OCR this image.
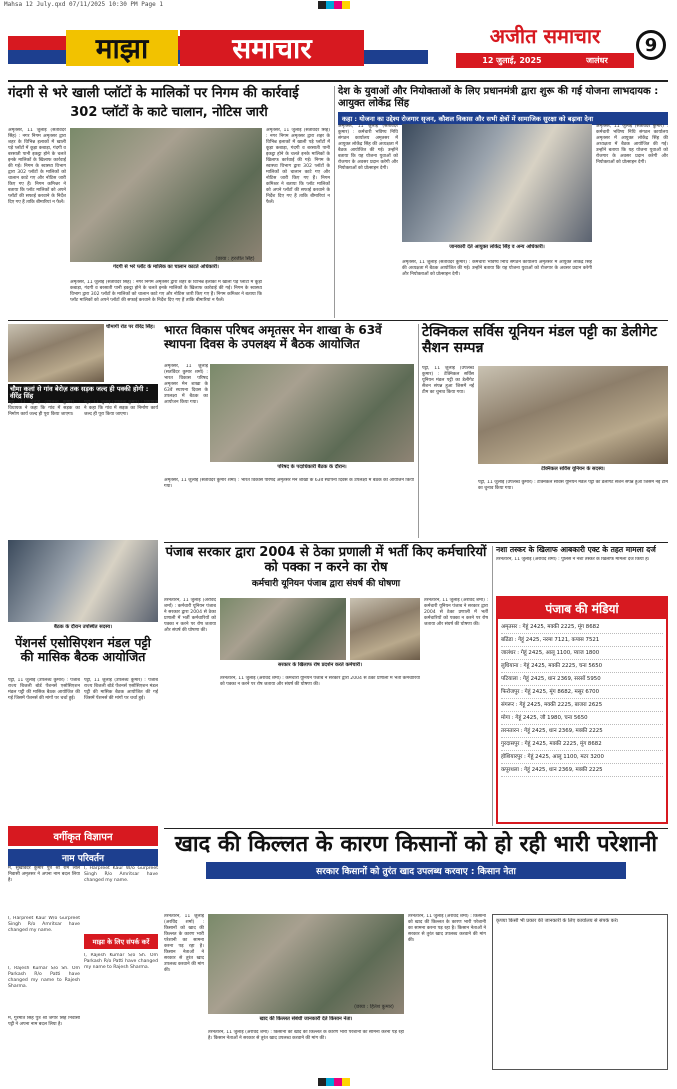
Mahsa 12 July.qxd 07/11/2025 10:30 PM Page 1
माझा	समाचार	अजीत समाचार
12 जुलाई, 2025	जालंधर
9
गंदगी से भरे खाली प्लॉटों के मालिकों पर निगम की कार्रवाई
302 प्लॉटों के काटे चालान, नोटिस जारी
अमृतसर, 11 जुलाई (सतविंदर सिंह) : नगर निगम अमृतसर द्वारा शहर के विभिन्न इलाकों में खाली पड़े प्लॉटों में कूड़ा कबाड़ा, गंदगी व बरसाती पानी इकट्ठा होने के चलते इनके मालिकों के खिलाफ कार्रवाई की गई। निगम के स्वास्थ्य विभाग द्वारा 302 प्लॉटों के मालिकों को चालान काटे गए और नोटिस जारी किए गए हैं। निगम कमिश्नर ने बताया कि प्लॉट मालिकों को अपने प्लॉटों की सफाई करवाने के निर्देश दिए गए हैं ताकि बीमारियां न फैलें।
गंदगी से भरे प्लॉट के मालिक का चालान काटते अधिकारी।
(छाया : हरजीत सिंह)
अमृतसर, 11 जुलाई (सतविंदर सिंह) : नगर निगम अमृतसर द्वारा शहर के विभिन्न इलाकों में खाली पड़े प्लॉटों में कूड़ा कबाड़ा, गंदगी व बरसाती पानी इकट्ठा होने के चलते इनके मालिकों के खिलाफ कार्रवाई की गई। निगम के स्वास्थ्य विभाग द्वारा 302 प्लॉटों के मालिकों को चालान काटे गए और नोटिस जारी किए गए हैं। निगम कमिश्नर ने बताया कि प्लॉट मालिकों को अपने प्लॉटों की सफाई करवाने के निर्देश दिए गए हैं ताकि बीमारियां न फैलें।
अमृतसर, 11 जुलाई (सतविंदर सिंह) : नगर निगम अमृतसर द्वारा शहर के विभिन्न इलाकों में खाली पड़े प्लॉटों में कूड़ा कबाड़ा, गंदगी व बरसाती पानी इकट्ठा होने के चलते इनके मालिकों के खिलाफ कार्रवाई की गई। निगम के स्वास्थ्य विभाग द्वारा 302 प्लॉटों के मालिकों को चालान काटे गए और नोटिस जारी किए गए हैं। निगम कमिश्नर ने बताया कि प्लॉट मालिकों को अपने प्लॉटों की सफाई करवाने के निर्देश दिए गए हैं ताकि बीमारियां न फैलें।
देश के युवाओं और नियोक्ताओं के लिए प्रधानमंत्री द्वारा शुरू की गई योजना लाभदायक : आयुक्त लोकेंद्र सिंह
कहा : योजना का उद्देश्य रोजगार सृजन, कौशल विकास और सभी क्षेत्रों में सामाजिक सुरक्षा को बढ़ावा देना
अमृतसर, 11 जुलाई (सतविंदर कुमार) : कर्मचारी भविष्य निधि संगठन कार्यालय अमृतसर में आयुक्त लोकेंद्र सिंह की अध्यक्षता में बैठक आयोजित की गई। उन्होंने बताया कि यह योजना युवाओं को रोजगार के अवसर प्रदान करेगी और नियोक्ताओं को प्रोत्साहन देगी।
जानकारी देते आयुक्त लोकेंद्र सिंह व अन्य अधिकारी।
अमृतसर, 11 जुलाई (सतविंदर कुमार) : कर्मचारी भविष्य निधि संगठन कार्यालय अमृतसर में आयुक्त लोकेंद्र सिंह की अध्यक्षता में बैठक आयोजित की गई। उन्होंने बताया कि यह योजना युवाओं को रोजगार के अवसर प्रदान करेगी और नियोक्ताओं को प्रोत्साहन देगी।
अमृतसर, 11 जुलाई (सतविंदर कुमार) : कर्मचारी भविष्य निधि संगठन कार्यालय अमृतसर में आयुक्त लोकेंद्र सिंह की अध्यक्षता में बैठक आयोजित की गई। उन्होंने बताया कि यह योजना युवाओं को रोजगार के अवसर प्रदान करेगी और नियोक्ताओं को प्रोत्साहन देगी।
चौमार्गी रोड पर वीरेंद्र सिंह।
चौमा कलां से गांव बेरोज़ तक सड़क जल्द ही पक्की होगी : वीरेंद्र सिंह
पट्टी, 11 जुलाई (उपलब्ध कुमार) : विधायक ने कहा कि गांव में सड़क का निर्माण कार्य जल्द ही पूरा किया जाएगा।
पट्टी, 11 जुलाई (उपलब्ध कुमार) : विधायक ने कहा कि गांव में सड़क का निर्माण कार्य जल्द ही पूरा किया जाएगा।
भारत विकास परिषद अमृतसर मेन शाखा के 63वें स्थापना दिवस के उपलक्ष्य में बैठक आयोजित
अमृतसर, 11 जुलाई (सतविंदर कुमार शर्मा) : भारत विकास परिषद अमृतसर मेन शाखा के 63वें स्थापना दिवस के उपलक्ष्य में बैठक का आयोजन किया गया।
परिषद के पदाधिकारी बैठक के दौरान।
अमृतसर, 11 जुलाई (सतविंदर कुमार शर्मा) : भारत विकास परिषद अमृतसर मेन शाखा के 63वें स्थापना दिवस के उपलक्ष्य में बैठक का आयोजन किया गया।
टेक्निकल सर्विस यूनियन मंडल पट्टी का डेलीगेट सैशन सम्पन्न
पट्टी, 11 जुलाई (उपलब्ध कुमार) : टेक्निकल सर्विस यूनियन मंडल पट्टी का डेलीगेट सैशन संपन्न हुआ जिसमें नई टीम का चुनाव किया गया।
टेक्निकल सर्विस यूनियन के सदस्य।
पट्टी, 11 जुलाई (उपलब्ध कुमार) : टेक्निकल सर्विस यूनियन मंडल पट्टी का डेलीगेट सैशन संपन्न हुआ जिसमें नई टीम का चुनाव किया गया।
बैठक के दौरान उपस्थित सदस्य।
पेंशनर्स एसोसिएशन मंडल पट्टी की मासिक बैठक आयोजित
पट्टी, 11 जुलाई (उपलब्ध कुमार) : पंजाब राज्य बिजली बोर्ड पेंशनर्स एसोसिएशन मंडल पट्टी की मासिक बैठक आयोजित की गई जिसमें पेंशनर्स की मांगों पर चर्चा हुई।
पट्टी, 11 जुलाई (उपलब्ध कुमार) : पंजाब राज्य बिजली बोर्ड पेंशनर्स एसोसिएशन मंडल पट्टी की मासिक बैठक आयोजित की गई जिसमें पेंशनर्स की मांगों पर चर्चा हुई।
पंजाब सरकार द्वारा 2004 से ठेका प्रणाली में भर्ती किए कर्मचारियों को पक्का न करने का रोष
कर्मचारी यूनियन पंजाब द्वारा संघर्ष की घोषणा
तरनतारन, 11 जुलाई (अरविंद शर्मा) : कर्मचारी यूनियन पंजाब ने सरकार द्वारा 2004 से ठेका प्रणाली में भर्ती कर्मचारियों को पक्का न करने पर रोष जताया और संघर्ष की घोषणा की।
सरकार के खिलाफ रोष प्रदर्शन करते कर्मचारी।
तरनतारन, 11 जुलाई (अरविंद शर्मा) : कर्मचारी यूनियन पंजाब ने सरकार द्वारा 2004 से ठेका प्रणाली में भर्ती कर्मचारियों को पक्का न करने पर रोष जताया और संघर्ष की घोषणा की।
तरनतारन, 11 जुलाई (अरविंद शर्मा) : कर्मचारी यूनियन पंजाब ने सरकार द्वारा 2004 से ठेका प्रणाली में भर्ती कर्मचारियों को पक्का न करने पर रोष जताया और संघर्ष की घोषणा की।
नशा तस्कर के खिलाफ आबकारी एक्ट के तहत मामला दर्ज
तरनतारन, 11 जुलाई (अरविंद शर्मा) : पुलिस ने नशा तस्कर के खिलाफ मामला दर्ज किया है।
पंजाब की मंडियां
अमृतसर : गेहूं 2425, मक्की 2225, मूंग 8682
बठिंडा : गेहूं 2425, नरमा 7121, कपास 7521
जालंधर : गेहूं 2425, आलू 1100, प्याज 1800
लुधियाना : गेहूं 2425, मक्की 2225, चना 5650
पटियाला : गेहूं 2425, धान 2369, सरसों 5950
फिरोजपुर : गेहूं 2425, मूंग 8682, मसूर 6700
संगरूर : गेहूं 2425, मक्की 2225, बाजरा 2625
मोगा : गेहूं 2425, जौ 1980, चना 5650
तरनतारन : गेहूं 2425, धान 2369, मक्की 2225
गुरदासपुर : गेहूं 2425, मक्की 2225, मूंग 8682
होशियारपुर : गेहूं 2425, आलू 1100, मटर 3200
कपूरथला : गेहूं 2425, धान 2369, मक्की 2225
वर्गीकृत विज्ञापन
नाम परिवर्तन
मैं, सुखविंदर कुमार पुत्र श्री राम लाल निवासी अमृतसर ने अपना नाम बदल लिया है।
I, Harpreet Kaur W/o Gurpreet Singh R/o Amritsar have changed my name.
I, Rajesh Kumar S/o Sh. Om Parkash R/o Patti have changed my name to Rajesh Sharma.
मैं, गुरमीत सिंह पुत्र श्री जगीर सिंह निवासी पट्टी ने अपना नाम बदल लिया है।
I, Harpreet Kaur W/o Gurpreet Singh R/o Amritsar have changed my name.
माझा के लिए संपर्क करें
I, Rajesh Kumar S/o Sh. Om Parkash R/o Patti have changed my name to Rajesh Sharma.
खाद की किल्लत के कारण किसानों को हो रही भारी परेशानी
सरकार किसानों को तुरंत खाद उपलब्ध करवाए : किसान नेता
तरनतारन, 11 जुलाई (अरविंद शर्मा) : किसानों को खाद की किल्लत के कारण भारी परेशानी का सामना करना पड़ रहा है। किसान नेताओं ने सरकार से तुरंत खाद उपलब्ध करवाने की मांग की।
खाद की किल्लत संबंधी जानकारी देते किसान नेता।
(छाया : हितेश कुमार)
तरनतारन, 11 जुलाई (अरविंद शर्मा) : किसानों को खाद की किल्लत के कारण भारी परेशानी का सामना करना पड़ रहा है। किसान नेताओं ने सरकार से तुरंत खाद उपलब्ध करवाने की मांग की।
तरनतारन, 11 जुलाई (अरविंद शर्मा) : किसानों को खाद की किल्लत के कारण भारी परेशानी का सामना करना पड़ रहा है। किसान नेताओं ने सरकार से तुरंत खाद उपलब्ध करवाने की मांग की।
कृपया किसी भी प्रकार की जानकारी के लिए कार्यालय से संपर्क करें।
